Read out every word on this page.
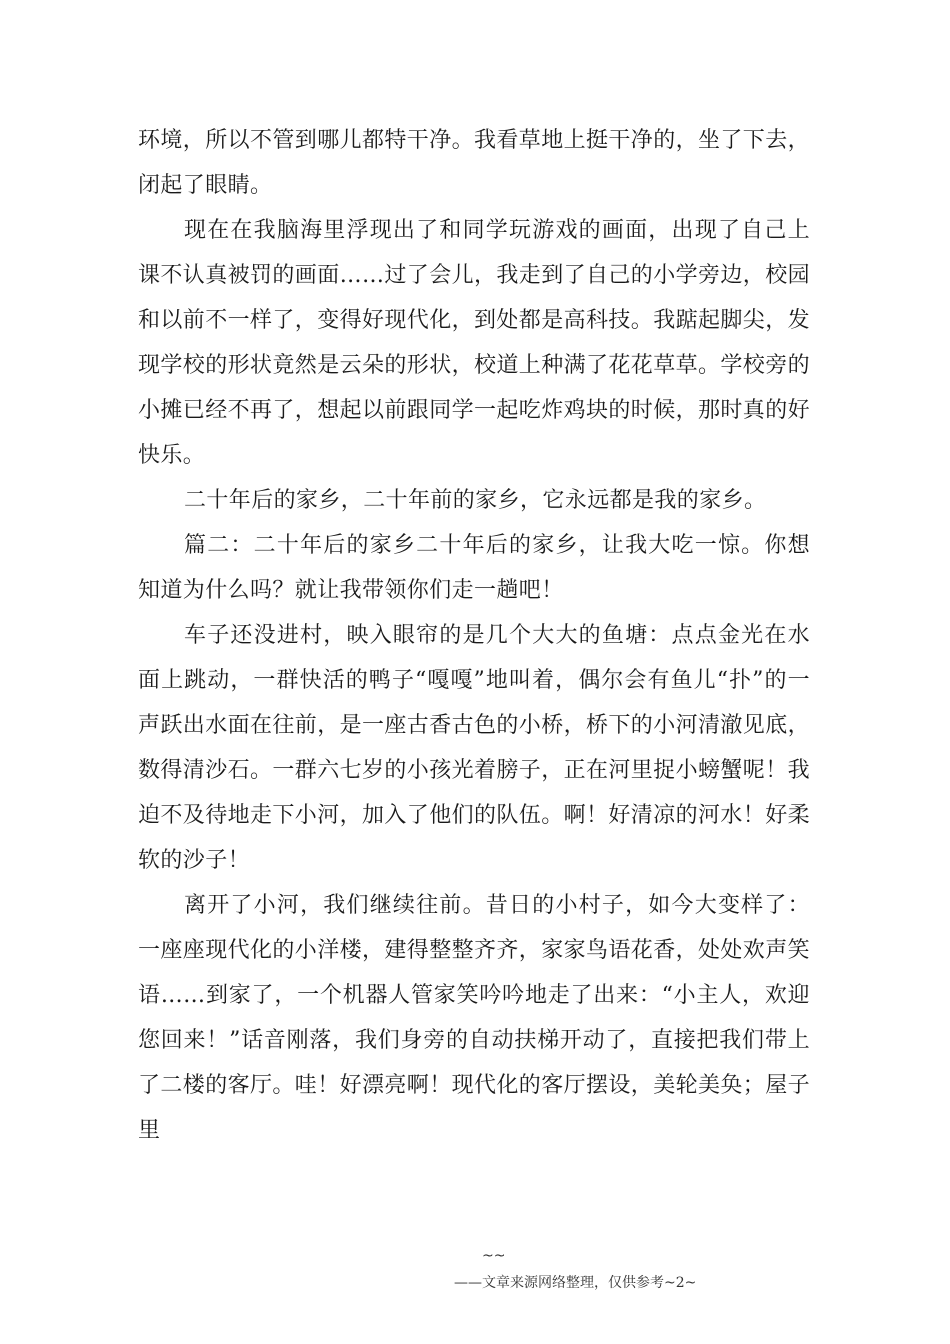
环境，所以不管到哪儿都特干净。我看草地上挺干净的，坐了下去，闭起了眼睛。

现在在我脑海里浮现出了和同学玩游戏的画面，出现了自己上课不认真被罚的画面……过了会儿，我走到了自己的小学旁边，校园和以前不一样了，变得好现代化，到处都是高科技。我踮起脚尖，发现学校的形状竟然是云朵的形状，校道上种满了花花草草。学校旁的小摊已经不再了，想起以前跟同学一起吃炸鸡块的时候，那时真的好快乐。

二十年后的家乡，二十年前的家乡，它永远都是我的家乡。

篇二：二十年后的家乡二十年后的家乡，让我大吃一惊。你想知道为什么吗？就让我带领你们走一趟吧！

车子还没进村，映入眼帘的是几个大大的鱼塘：点点金光在水面上跳动，一群快活的鸭子“嘎嘎”地叫着，偶尔会有鱼儿“扑”的一声跃出水面在往前，是一座古香古色的小桥，桥下的小河清澈见底，数得清沙石。一群六七岁的小孩光着膀子，正在河里捉小螃蟹呢！我迫不及待地走下小河，加入了他们的队伍。啊！好清凉的河水！好柔软的沙子！

离开了小河，我们继续往前。昔日的小村子，如今大变样了：一座座现代化的小洋楼，建得整整齐齐，家家鸟语花香，处处欢声笑语……到家了，一个机器人管家笑吟吟地走了出来：“小主人，欢迎您回来！”话音刚落，我们身旁的自动扶梯开动了，直接把我们带上了二楼的客厅。哇！好漂亮啊！现代化的客厅摆设，美轮美奂；屋子里

~~
——文章来源网络整理，仅供参考~2~
